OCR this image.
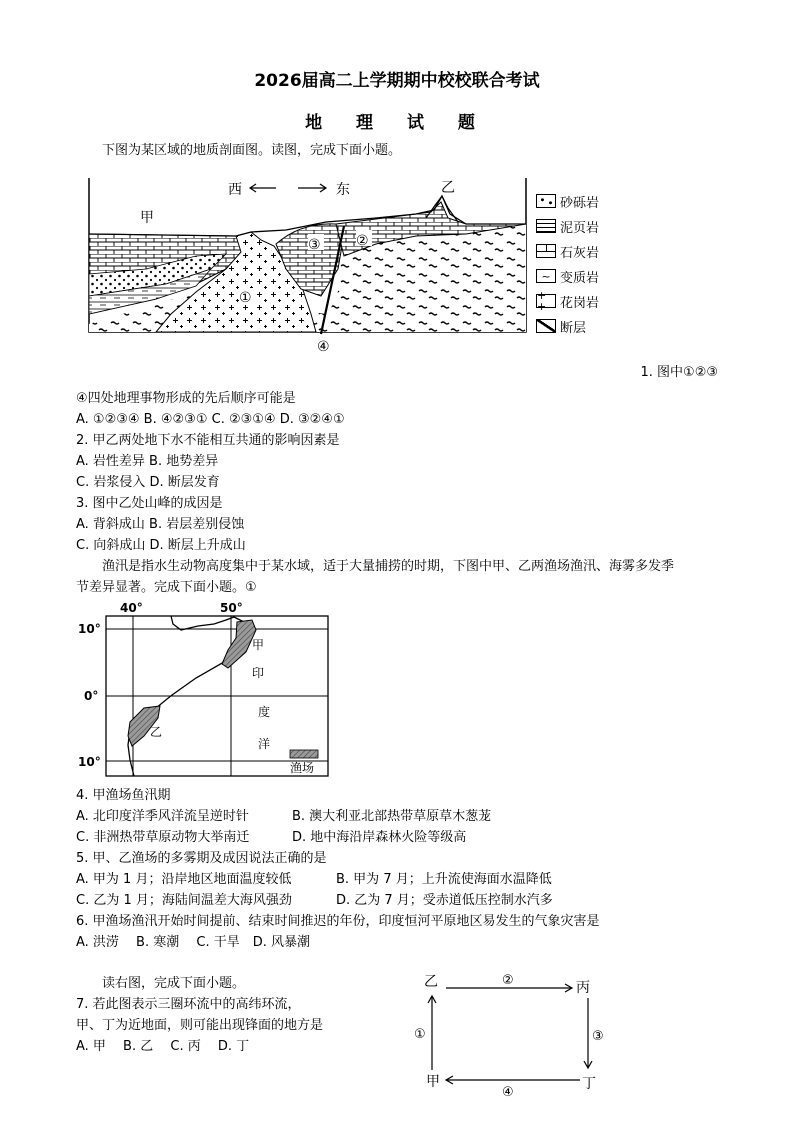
2026届高二上学期期中校校联合考试
地 理 试 题
下图为某区域的地质剖面图。读图，完成下面小题。
西	东
甲
乙
①
②
③
④
砂砾岩
泥页岩
石灰岩
~ 变质岩
+ +	花岗岩
断层
1. 图中①②③
④四处地理事物形成的先后顺序可能是
A. ①②③④ B. ④②③① C. ②③①④ D. ③②④①
2. 甲乙两处地下水不能相互共通的影响因素是
A. 岩性差异 B. 地势差异
C. 岩浆侵入 D. 断层发育
3. 图中乙处山峰的成因是
A. 背斜成山 B. 岩层差别侵蚀
C. 向斜成山 D. 断层上升成山
渔汛是指水生动物高度集中于某水域，适于大量捕捞的时期，下图中甲、乙两渔场渔汛、海雾多发季
节差异显著。完成下面小题。①
40°	50°
10°
0°
10°
甲
印
度
洋
乙
渔场
4. 甲渔场鱼汛期
A. 北印度洋季风洋流呈逆时针	B. 澳大利亚北部热带草原草木葱茏
C. 非洲热带草原动物大举南迁	D. 地中海沿岸森林火险等级高
5. 甲、乙渔场的多雾期及成因说法正确的是
A. 甲为 1 月；沿岸地区地面温度较低	B. 甲为 7 月；上升流使海面水温降低
C. 乙为 1 月；海陆间温差大海风强劲	D. 乙为 7 月；受赤道低压控制水汽多
6. 甲渔场渔汛开始时间提前、结束时间推迟的年份，印度恒河平原地区易发生的气象灾害是
A. 洪涝　 B. 寒潮　 C. 干旱　D. 风暴潮
读右图，完成下面小题。
7. 若此图表示三圈环流中的高纬环流，
甲、丁为近地面，则可能出现锋面的地方是
A. 甲　 B. 乙　 C. 丙　 D. 丁
乙	丙
甲	丁
②
③
④
①
